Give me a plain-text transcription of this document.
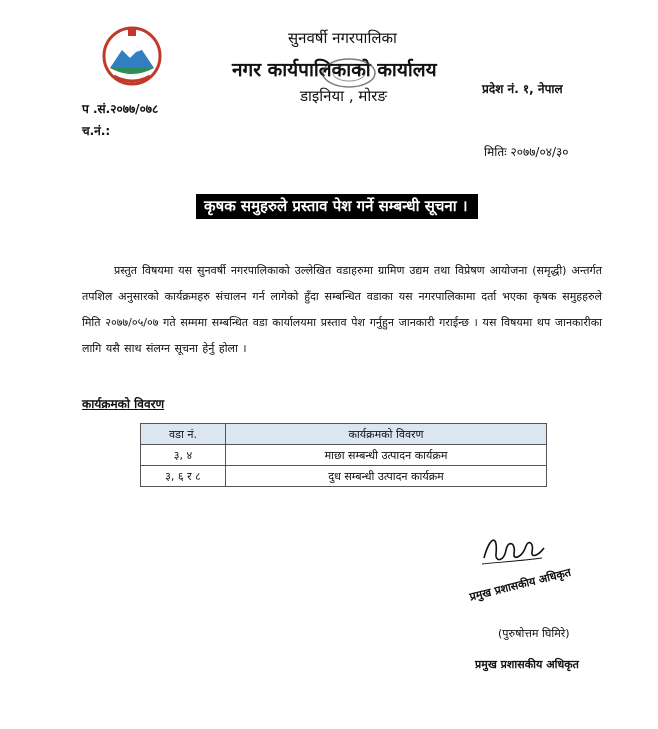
सुनवर्षी नगरपालिका
नगर कार्यपालिकाको कार्यालय
डाइनिया , मोरङ	प्रदेश नं. १, नेपाल
प .सं.२०७७/०७८
च.नं.:
मितिः २०७७/०४/३०
कृषक समुहरुले प्रस्ताव पेश गर्ने सम्बन्धी सूचना ।
प्रस्तुत विषयमा यस सुनवर्षी नगरपालिकाको उल्लेखित वडाहरुमा ग्रामिण उद्यम तथा विप्रेषण आयोजना (समृद्धी) अन्तर्गत तपशिल अनुसारको कार्यक्रमहरु संचालन गर्न लागेको हुँदा सम्बन्धित वडाका यस नगरपालिकामा दर्ता भएका कृषक समुहहरुले मिति २०७७/०५/०७ गते सम्ममा सम्बन्धित वडा कार्यालयमा प्रस्ताव पेश गर्नुहुन जानकारी गराईन्छ । यस विषयमा थप जानकारीका लागि यसै साथ संलग्न सूचना हेर्नु होला ।
कार्यक्रमको विवरण
वडा नं.	कार्यक्रमको विवरण
३, ४	माछा सम्बन्धी उत्पादन कार्यक्रम
३, ६ र ८	दुध सम्बन्धी उत्पादन कार्यक्रम
प्रमुख प्रशासकीय अधिकृत
(पुरुषोत्तम घिमिरे)
प्रमुख प्रशासकीय अधिकृत
